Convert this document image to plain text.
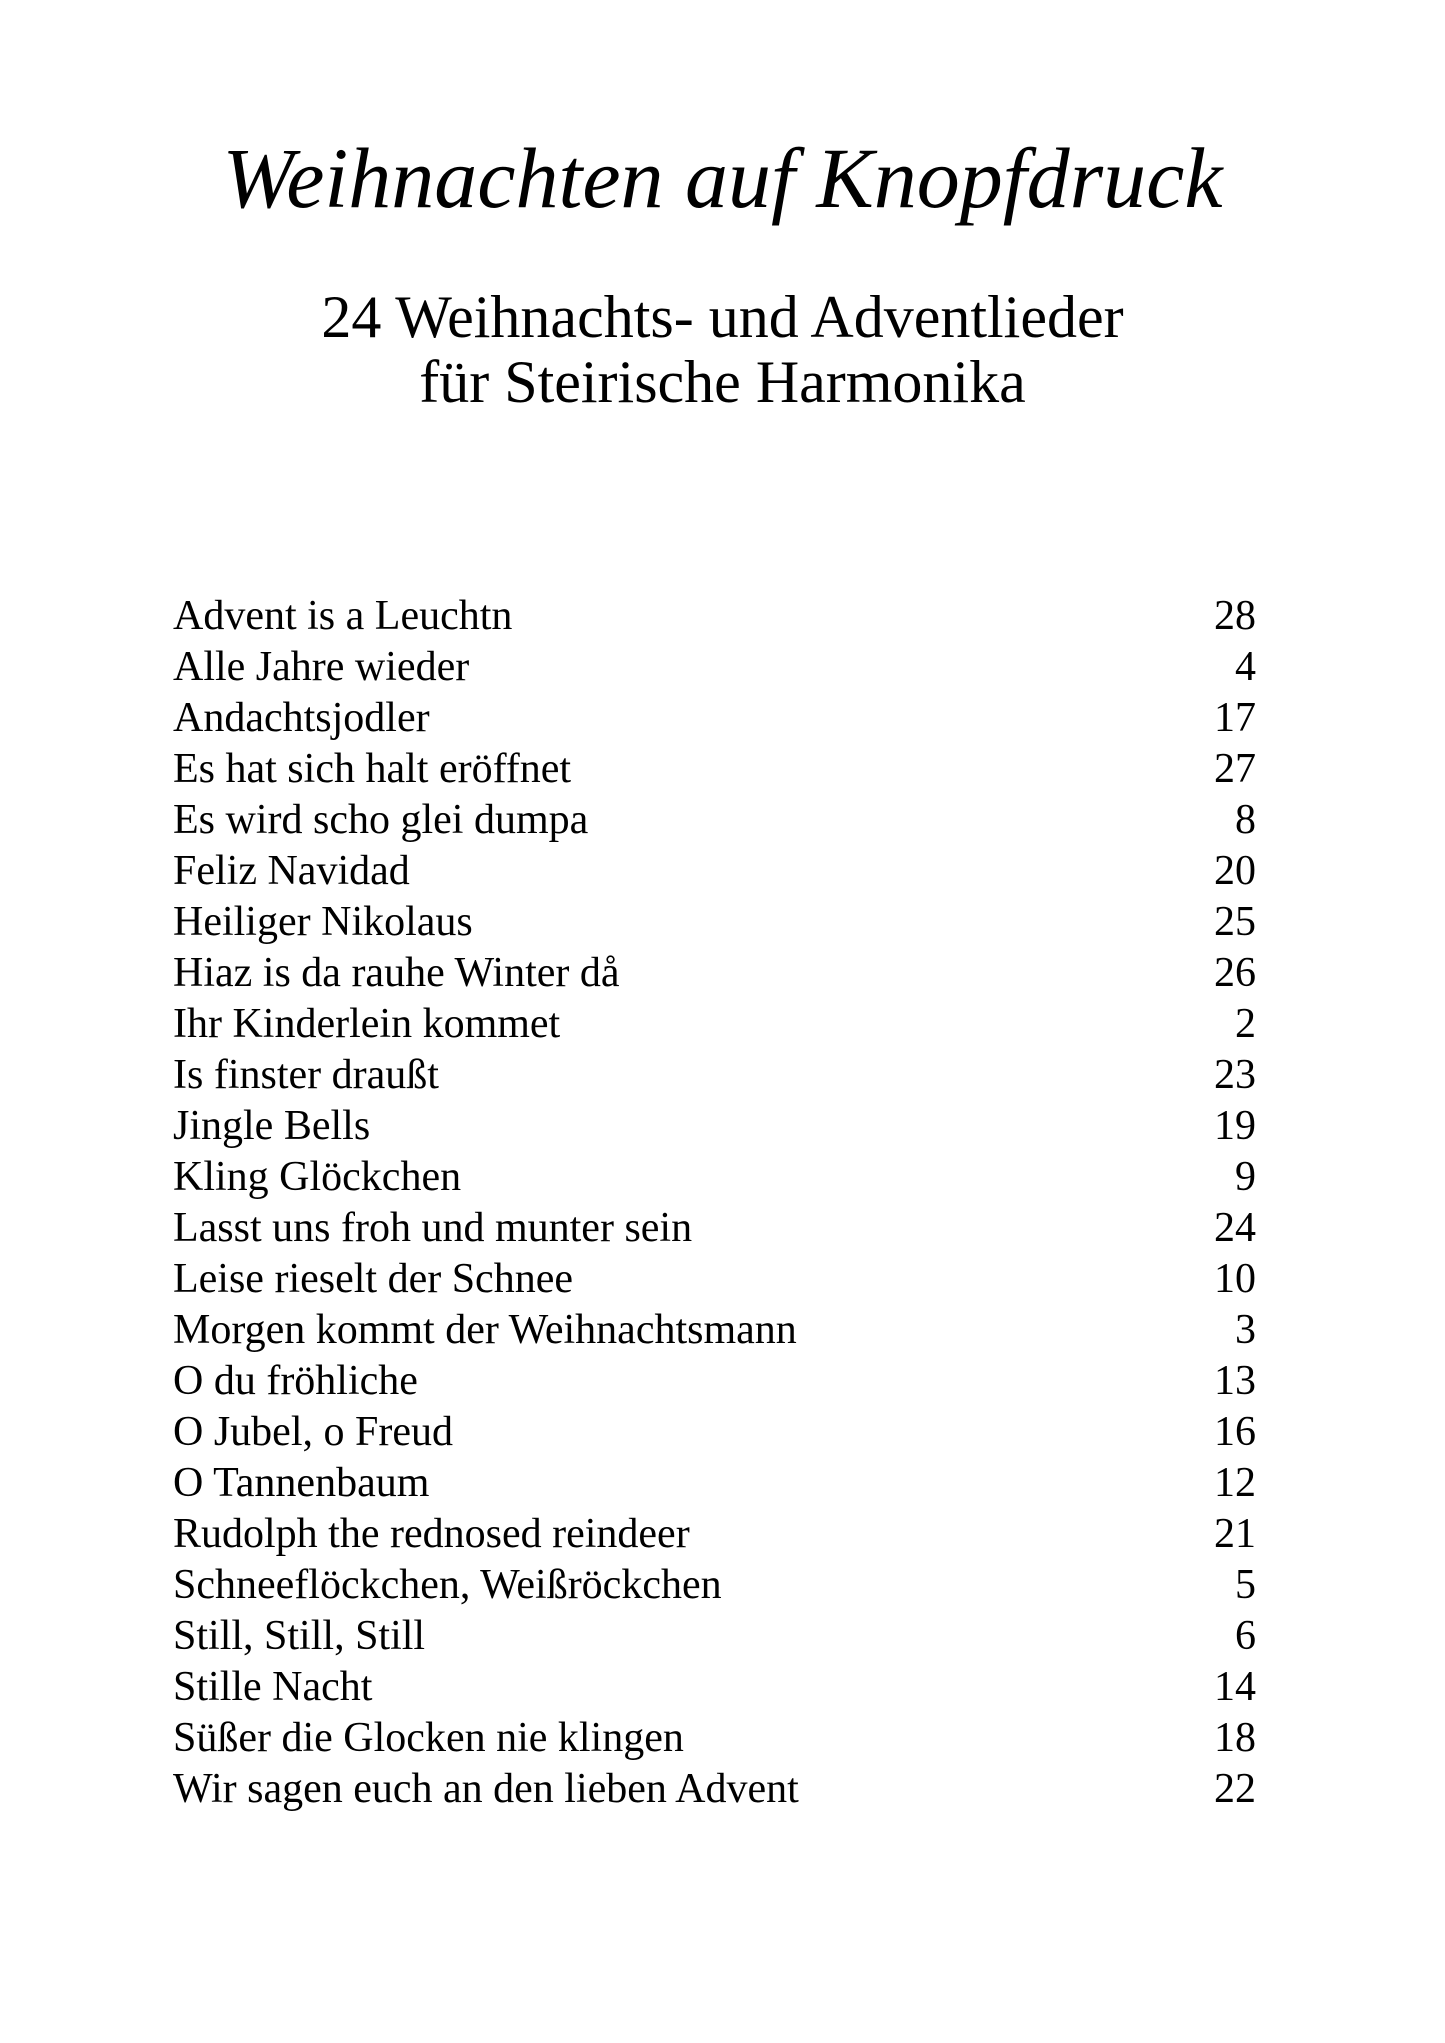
Weihnachten auf Knopfdruck
24 Weihnachts- und Adventlieder
für Steirische Harmonika
Advent is a Leuchtn	28
Alle Jahre wieder	4
Andachtsjodler	17
Es hat sich halt eröffnet	27
Es wird scho glei dumpa	8
Feliz Navidad	20
Heiliger Nikolaus	25
Hiaz is da rauhe Winter då	26
Ihr Kinderlein kommet	2
Is finster draußt	23
Jingle Bells	19
Kling Glöckchen	9
Lasst uns froh und munter sein	24
Leise rieselt der Schnee	10
Morgen kommt der Weihnachtsmann	3
O du fröhliche	13
O Jubel, o Freud	16
O Tannenbaum	12
Rudolph the rednosed reindeer	21
Schneeflöckchen, Weißröckchen	5
Still, Still, Still	6
Stille Nacht	14
Süßer die Glocken nie klingen	18
Wir sagen euch an den lieben Advent	22
